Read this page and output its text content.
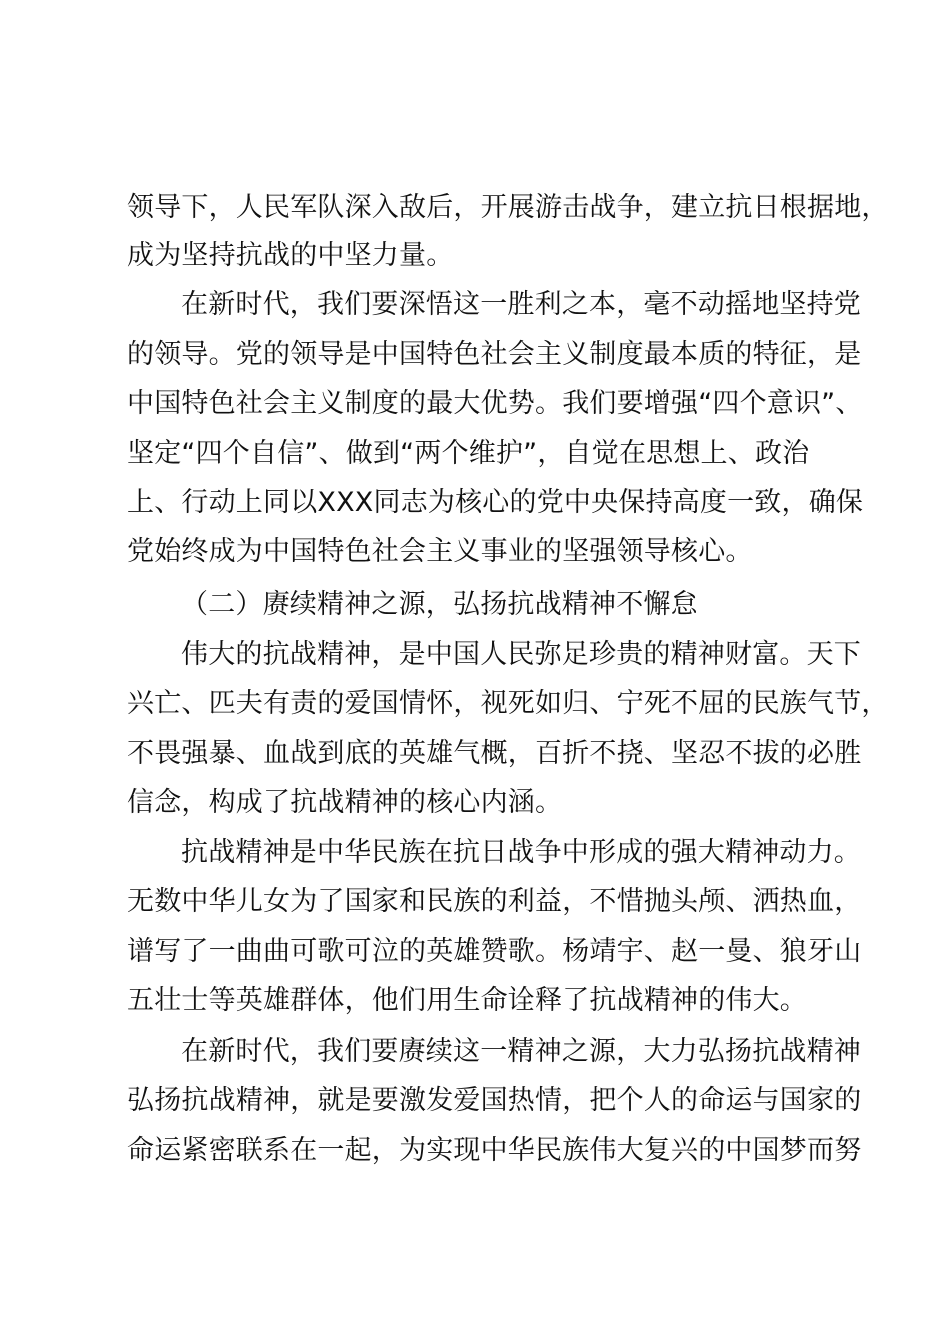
领导下，人民军队深入敌后，开展游击战争，建立抗日根据地，
成为坚持抗战的中坚力量。
在新时代，我们要深悟这一胜利之本，毫不动摇地坚持党
的领导。党的领导是中国特色社会主义制度最本质的特征，是
中国特色社会主义制度的最大优势。我们要增强“四个意识”、
坚定“四个自信”、做到“两个维护”，自觉在思想上、政治
上、行动上同以XXX同志为核心的党中央保持高度一致，确保
党始终成为中国特色社会主义事业的坚强领导核心。
（二）赓续精神之源，弘扬抗战精神不懈怠
伟大的抗战精神，是中国人民弥足珍贵的精神财富。天下
兴亡、匹夫有责的爱国情怀，视死如归、宁死不屈的民族气节，
不畏强暴、血战到底的英雄气概，百折不挠、坚忍不拔的必胜
信念，构成了抗战精神的核心内涵。
抗战精神是中华民族在抗日战争中形成的强大精神动力。
无数中华儿女为了国家和民族的利益，不惜抛头颅、洒热血，
谱写了一曲曲可歌可泣的英雄赞歌。杨靖宇、赵一曼、狼牙山
五壮士等英雄群体，他们用生命诠释了抗战精神的伟大。
在新时代，我们要赓续这一精神之源，大力弘扬抗战精神
弘扬抗战精神，就是要激发爱国热情，把个人的命运与国家的
命运紧密联系在一起，为实现中华民族伟大复兴的中国梦而努
